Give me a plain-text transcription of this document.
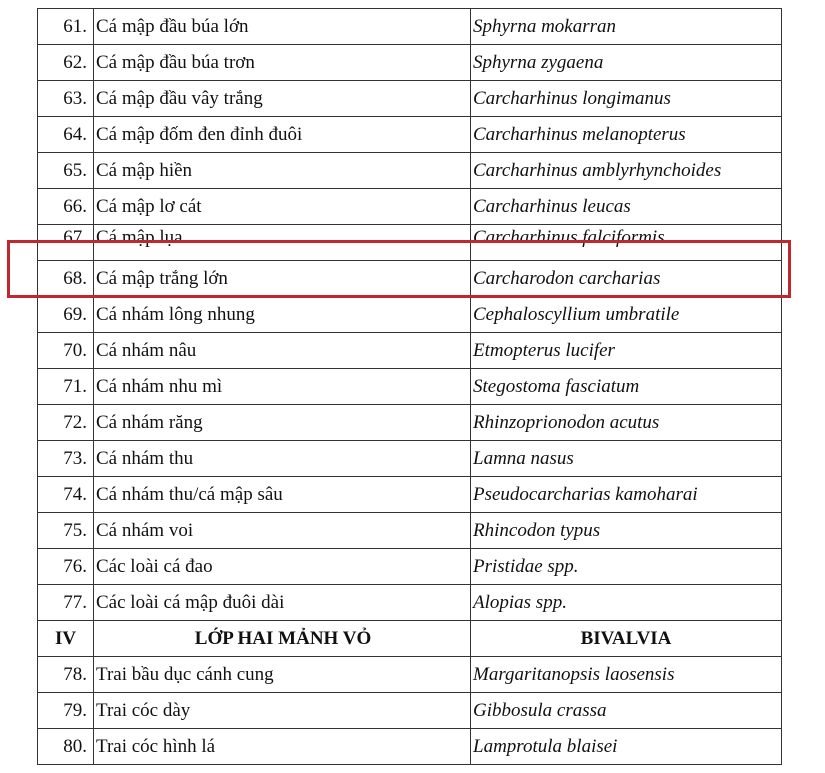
61.	Cá mập đầu búa lớn	Sphyrna mokarran
62.	Cá mập đầu búa trơn	Sphyrna zygaena
63.	Cá mập đầu vây trắng	Carcharhinus longimanus
64.	Cá mập đốm đen đỉnh đuôi	Carcharhinus melanopterus
65.	Cá mập hiền	Carcharhinus amblyrhynchoides
66.	Cá mập lơ cát	Carcharhinus leucas
67.	Cá mập lụa	Carcharhinus falciformis
68.	Cá mập trắng lớn	Carcharodon carcharias
69.	Cá nhám lông nhung	Cephaloscyllium umbratile
70.	Cá nhám nâu	Etmopterus lucifer
71.	Cá nhám nhu mì	Stegostoma fasciatum
72.	Cá nhám răng	Rhinzoprionodon acutus
73.	Cá nhám thu	Lamna nasus
74.	Cá nhám thu/cá mập sâu	Pseudocarcharias kamoharai
75.	Cá nhám voi	Rhincodon typus
76.	Các loài cá đao	Pristidae spp.
77.	Các loài cá mập đuôi dài	Alopias spp.
IV	LỚP HAI MẢNH VỎ	BIVALVIA
78.	Trai bầu dục cánh cung	Margaritanopsis laosensis
79.	Trai cóc dày	Gibbosula crassa
80.	Trai cóc hình lá	Lamprotula blaisei
